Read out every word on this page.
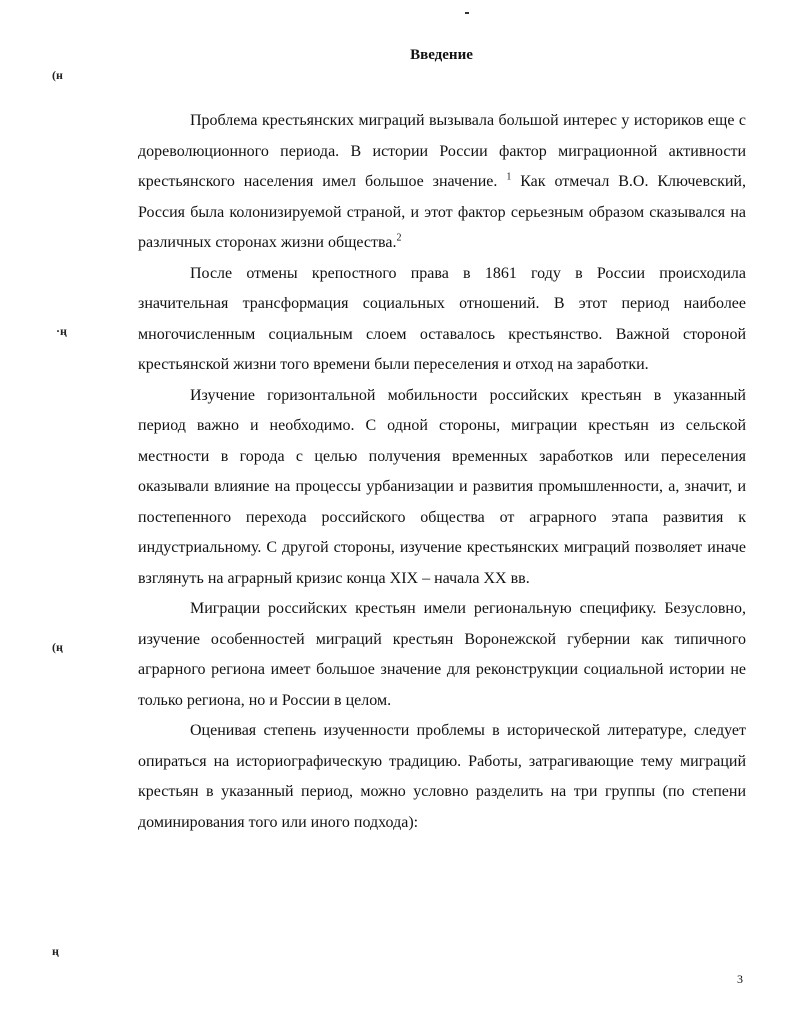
Введение

Проблема крестьянских миграций вызывала большой интерес у историков еще с дореволюционного периода. В истории России фактор миграционной активности крестьянского населения имел большое значение. $^1$ Как отмечал В.О. Ключевский, Россия была колонизируемой страной, и этот фактор серьезным образом сказывался на различных сторонах жизни общества.$^2$

После отмены крепостного права в 1861 году в России происходила значительная трансформация социальных отношений. В этот период наиболее многочисленным социальным слоем оставалось крестьянство. Важной стороной крестьянской жизни того времени были переселения и отход на заработки.

Изучение горизонтальной мобильности российских крестьян в указанный период важно и необходимо. С одной стороны, миграции крестьян из сельской местности в города с целью получения временных заработков или переселения оказывали влияние на процессы урбанизации и развития промышленности, а, значит, и постепенного перехода российского общества от аграрного этапа развития к индустриальному. С другой стороны, изучение крестьянских миграций позволяет иначе взглянуть на аграрный кризис конца XIX – начала XX вв.

Миграции российских крестьян имели региональную специфику. Безусловно, изучение особенностей миграций крестьян Воронежской губернии как типичного аграрного региона имеет большое значение для реконструкции социальной истории не только региона, но и России в целом.

Оценивая степень изученности проблемы в исторической литературе, следует опираться на историографическую традицию. Работы, затрагивающие тему миграций крестьян в указанный период, можно условно разделить на три группы (по степени доминирования того или иного подхода):

(н
·ң
(ң
ң
3
